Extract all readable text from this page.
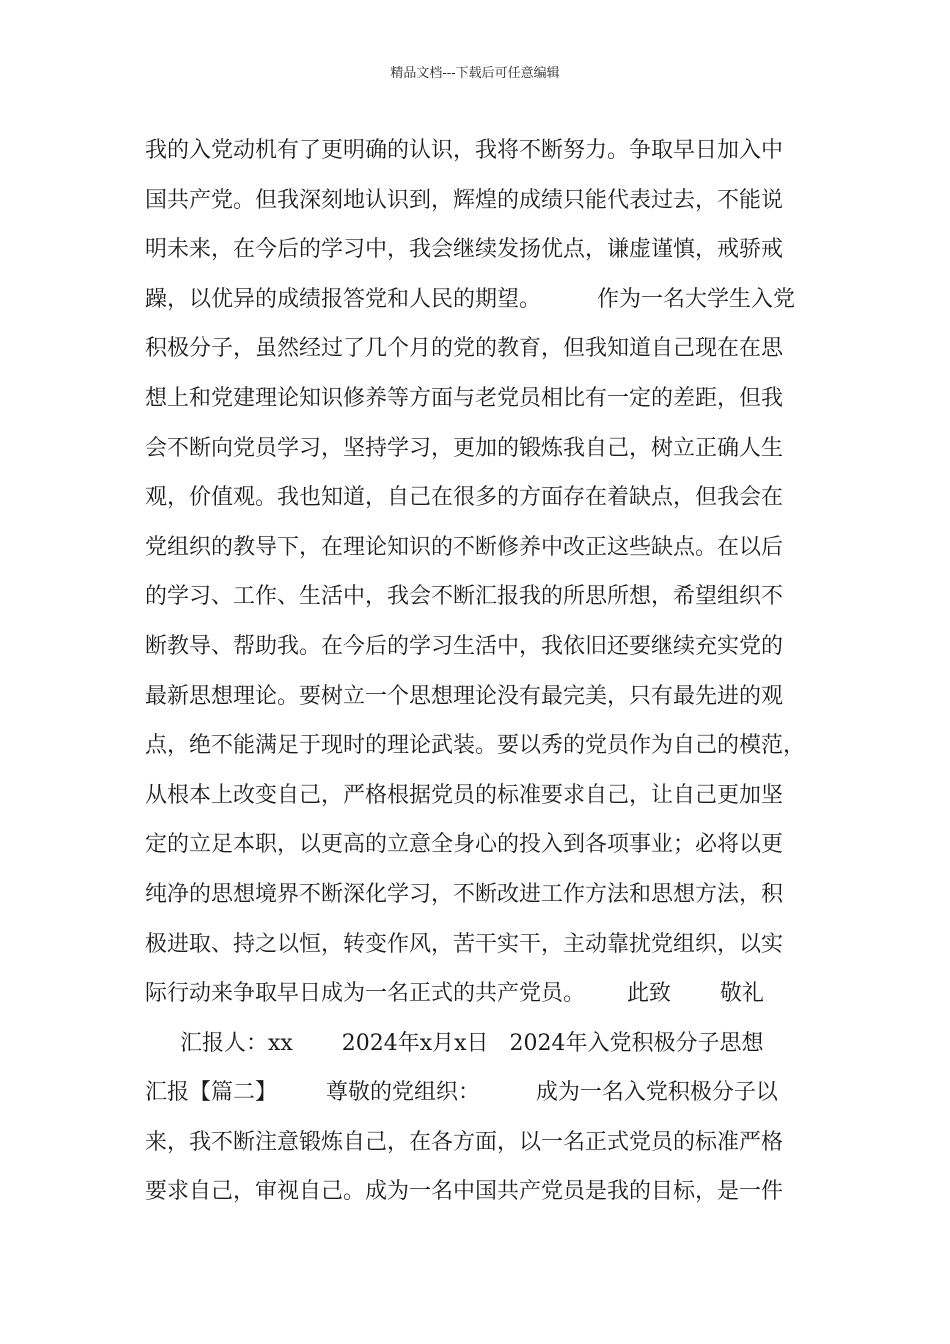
精品文档---下载后可任意编辑
我的入党动机有了更明确的认识，我将不断努力。争取早日加入中
国共产党。但我深刻地认识到，辉煌的成绩只能代表过去，不能说
明未来，在今后的学习中，我会继续发扬优点，谦虚谨慎，戒骄戒
躁，以优异的成绩报答党和人民的期望。        作为一名大学生入党
积极分子，虽然经过了几个月的党的教育，但我知道自己现在在思
想上和党建理论知识修养等方面与老党员相比有一定的差距，但我
会不断向党员学习，坚持学习，更加的锻炼我自己，树立正确人生
观，价值观。我也知道，自己在很多的方面存在着缺点，但我会在
党组织的教导下，在理论知识的不断修养中改正这些缺点。在以后
的学习、工作、生活中，我会不断汇报我的所思所想，希望组织不
断教导、帮助我。在今后的学习生活中，我依旧还要继续充实党的
最新思想理论。要树立一个思想理论没有最完美，只有最先进的观
点，绝不能满足于现时的理论武装。要以秀的党员作为自己的模范，
从根本上改变自己，严格根据党员的标准要求自己，让自己更加坚
定的立足本职，以更高的立意全身心的投入到各项事业；必将以更
纯净的思想境界不断深化学习，不断改进工作方法和思想方法，积
极进取、持之以恒，转变作风，苦干实干，主动靠扰党组织，以实
际行动来争取早日成为一名正式的共产党员。      此致       敬礼
汇报人：xx       2024年x月x日   2024年入党积极分子思想
汇报【篇二】       尊敬的党组织：        成为一名入党积极分子以
来，我不断注意锻炼自己，在各方面，以一名正式党员的标准严格
要求自己，审视自己。成为一名中国共产党员是我的目标，是一件
